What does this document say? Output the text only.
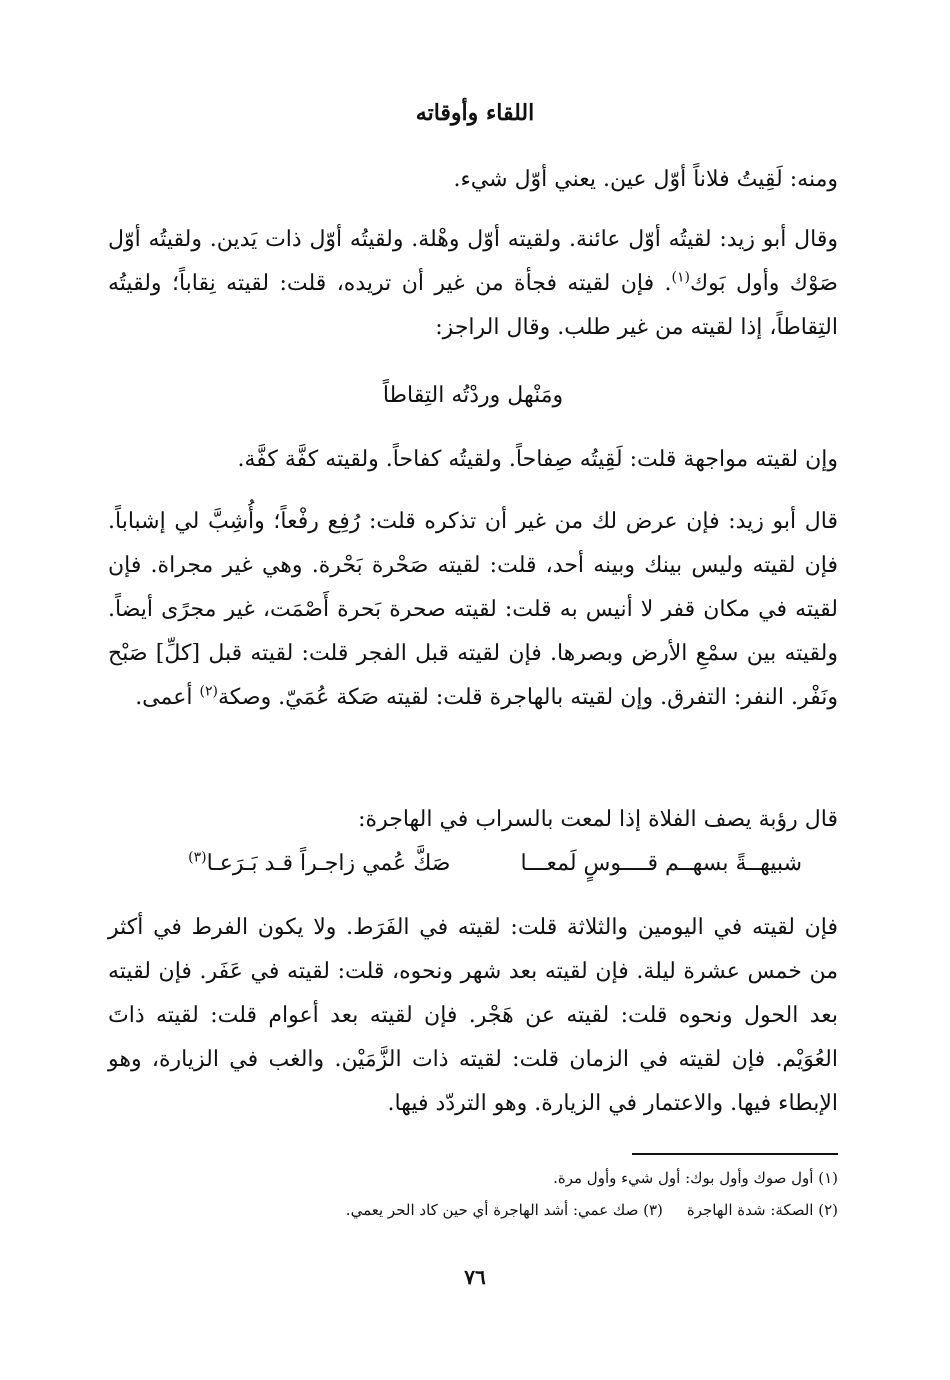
اللقاء وأوقاته

ومنه: لَقِيتُ فلاناً أوّل عين. يعني أوّل شيء.

وقال أبو زيد: لقيتُه أوّل عائنة. ولقيته أوّل وهْلة. ولقيتُه أوّل ذات يَدين. ولقيتُه أوّل صَوْك وأول بَوك$^{(١)}$. فإن لقيته فجأة من غير أن تريده، قلت: لقيته نِقاباً؛ ولقيتُه التِقاطاً، إذا لقيته من غير طلب. وقال الراجز:

ومَنْهل وردْتُه التِقاطاً

وإن لقيته مواجهة قلت: لَقِيتُه صِفاحاً. ولقيتُه كفاحاً. ولقيته كفَّة كفَّة.

قال أبو زيد: فإن عرض لك من غير أن تذكره قلت: رُفِع رفْعاً؛ وأُشِبَّ لي إشباباً. فإن لقيته وليس بينك وبينه أحد، قلت: لقيته صَحْرة بَحْرة. وهي غير مجراة. فإن لقيته في مكان قفر لا أنيس به قلت: لقيته صحرة بَحرة أَصْمَت، غير مجرًى أيضاً. ولقيته بين سمْعِ الأرض وبصرها. فإن لقيته قبل الفجر قلت: لقيته قبل [كلِّ] صَبْح ونَفْر. النفر: التفرق. وإن لقيته بالهاجرة قلت: لقيته صَكة عُمَيّ. وصكة$^{(٢)}$ أعمى.

قال رؤبة يصف الفلاة إذا لمعت بالسراب في الهاجرة:

شبيهــةً بسهــم قــــوسٍ لَمعـــاصَكَّ عُمي زاجـراً قـد بَـرَعـا$^{(٣)}$

فإن لقيته في اليومين والثلاثة قلت: لقيته في الفَرَط. ولا يكون الفرط في أكثر من خمس عشرة ليلة. فإن لقيته بعد شهر ونحوه، قلت: لقيته في عَفَر. فإن لقيته بعد الحول ونحوه قلت: لقيته عن هَجْر. فإن لقيته بعد أعوام قلت: لقيته ذاتَ العُوَيْم. فإن لقيته في الزمان قلت: لقيته ذات الزَّمَيْن. والغب في الزيارة، وهو الإبطاء فيها. والاعتمار في الزيارة. وهو التردّد فيها.

(١) أول صوك وأول بوك: أول شيء وأول مرة.

(٢) الصكة: شدة الهاجرة(٣) صك عمي: أشد الهاجرة أي حين كاد الحر يعمي.

٧٦
